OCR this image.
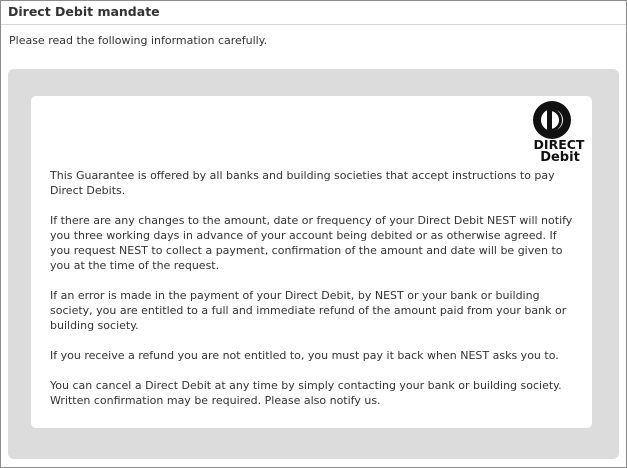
Direct Debit mandate
Please read the following information carefully.
DIRECT
Debit

This Guarantee is offered by all banks and building societies that accept instructions to pay Direct Debits.

If there are any changes to the amount, date or frequency of your Direct Debit NEST will notify you three working days in advance of your account being debited or as otherwise agreed. If you request NEST to collect a payment, confirmation of the amount and date will be given to you at the time of the request.

If an error is made in the payment of your Direct Debit, by NEST or your bank or building society, you are entitled to a full and immediate refund of the amount paid from your bank or building society.

If you receive a refund you are not entitled to, you must pay it back when NEST asks you to.

You can cancel a Direct Debit at any time by simply contacting your bank or building society. Written confirmation may be required. Please also notify us.
